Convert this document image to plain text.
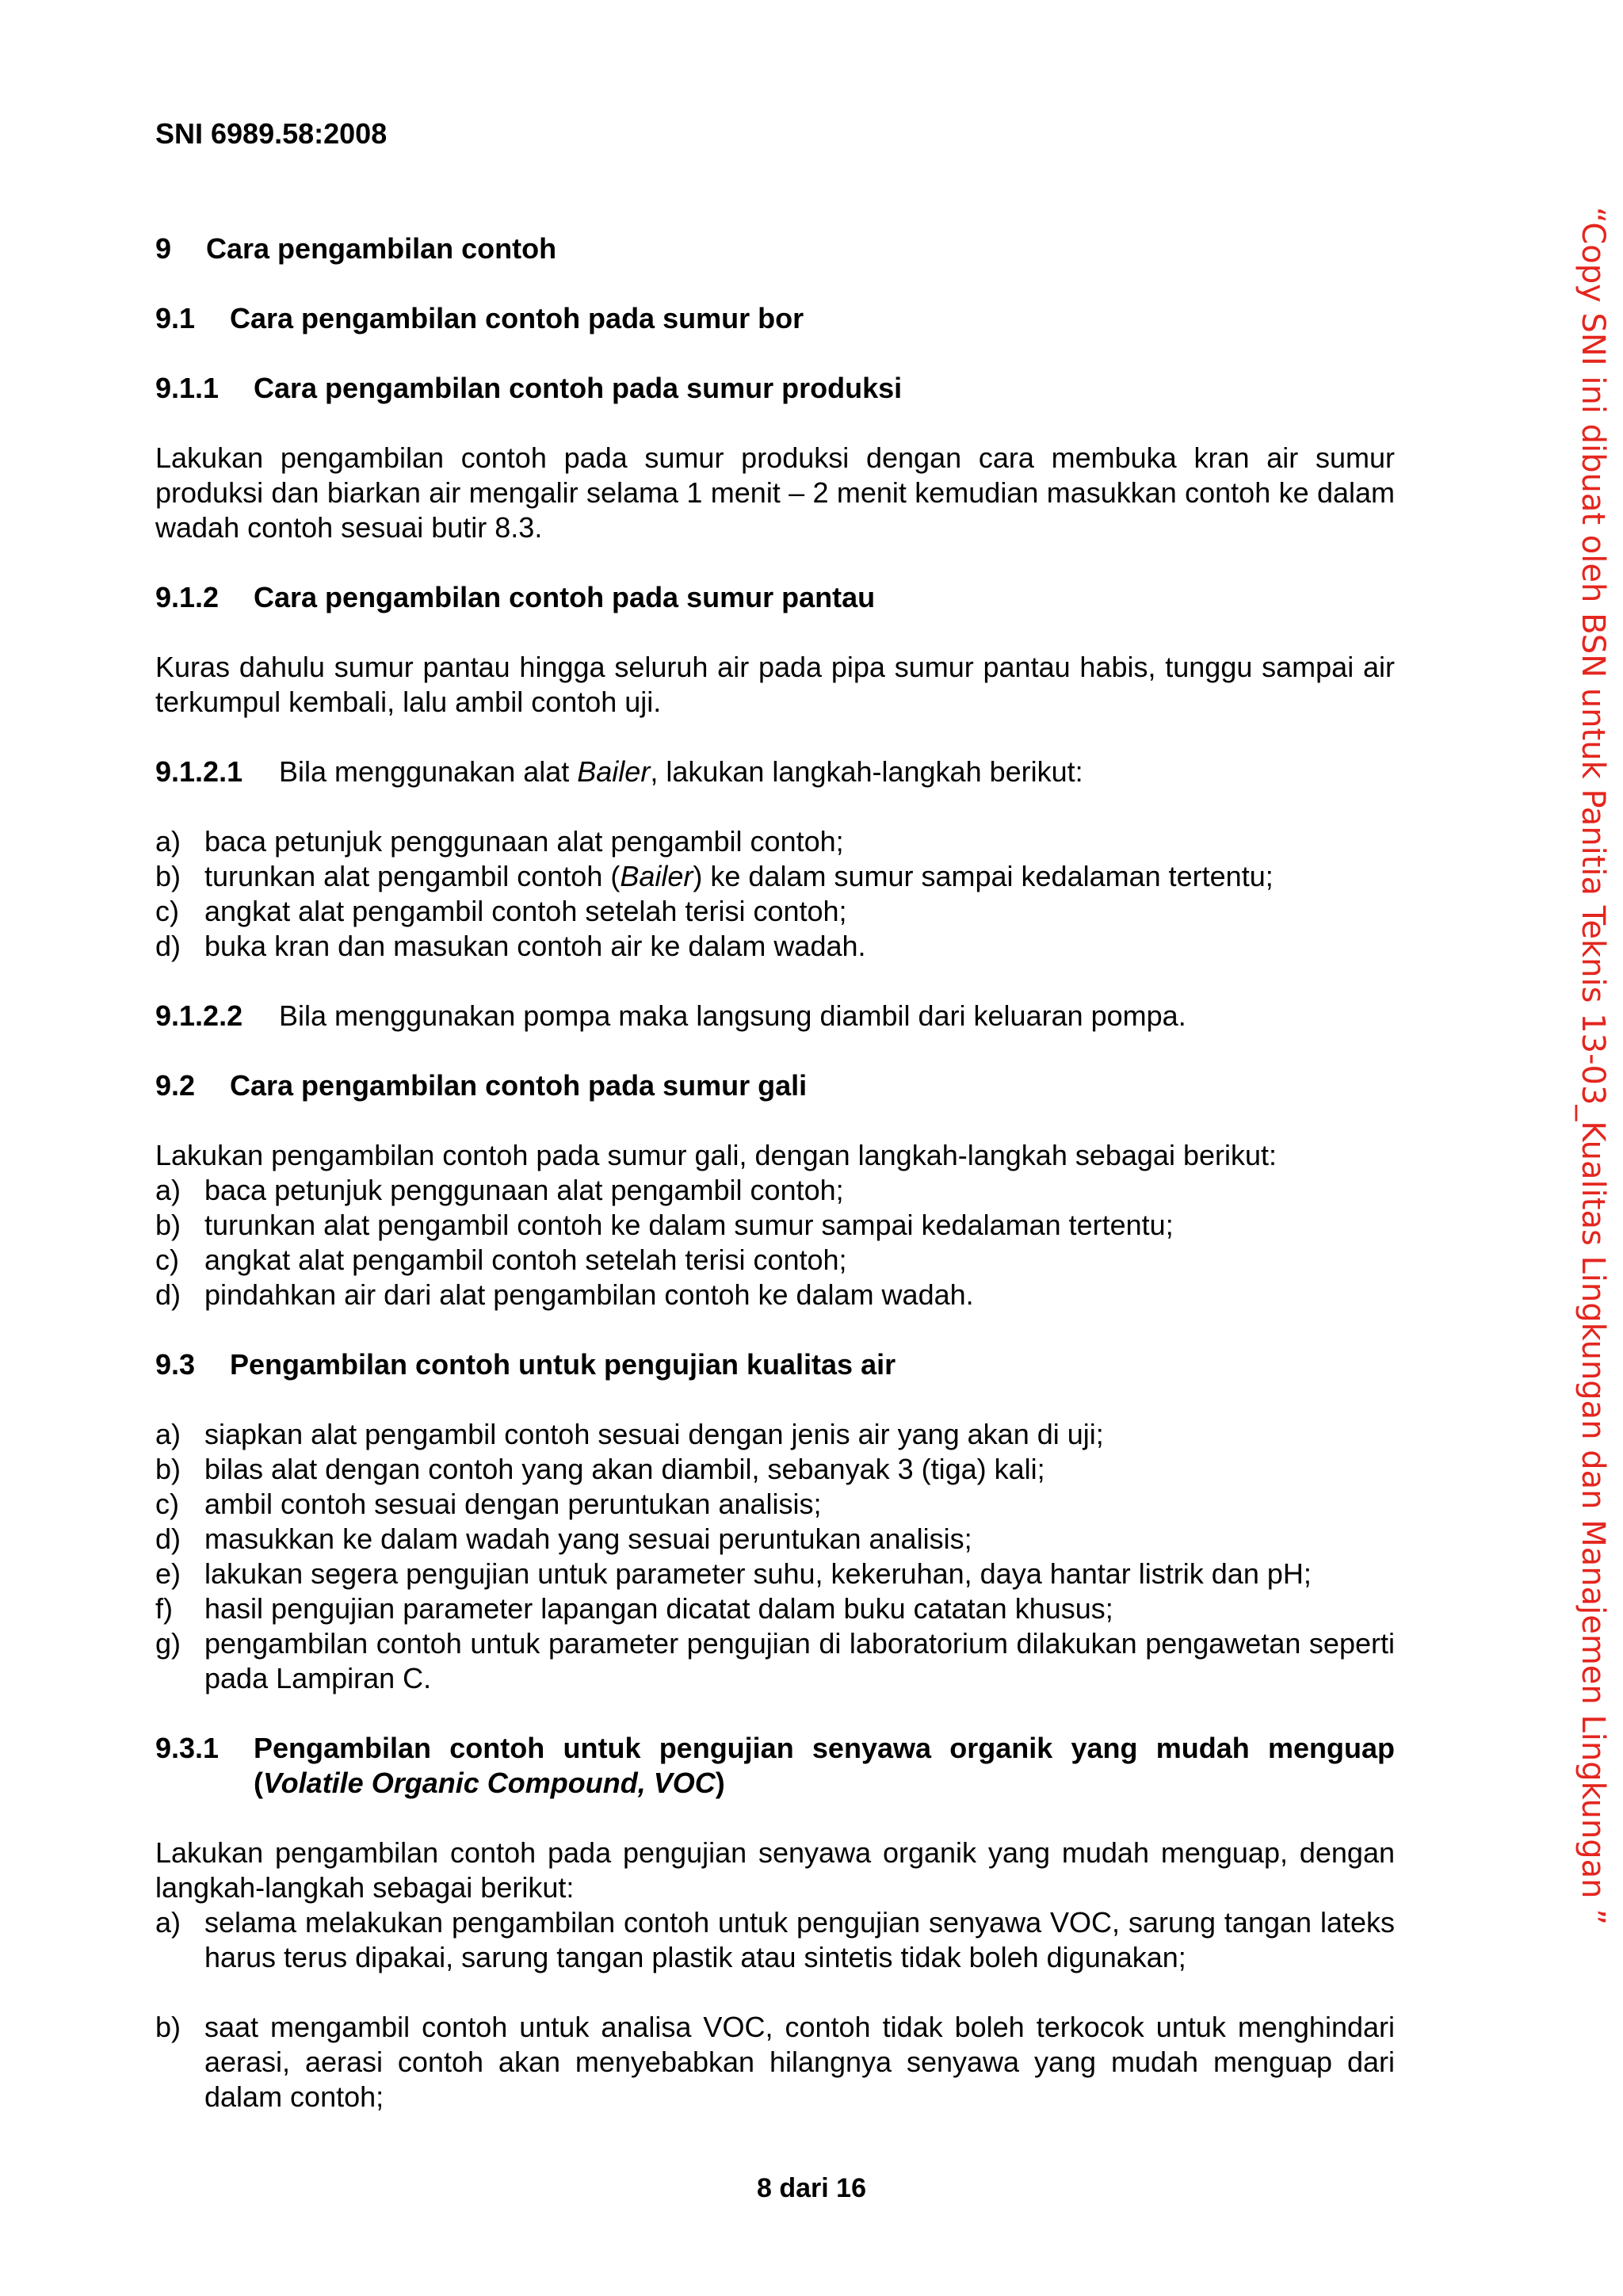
SNI 6989.58:2008
9 Cara pengambilan contoh
9.1 Cara pengambilan contoh pada sumur bor
9.1.1 Cara pengambilan contoh pada sumur produksi
Lakukan pengambilan contoh pada sumur produksi dengan cara membuka kran air sumur produksi dan biarkan air mengalir selama 1 menit – 2 menit kemudian masukkan contoh ke dalam wadah contoh sesuai butir 8.3.
9.1.2 Cara pengambilan contoh pada sumur pantau
Kuras dahulu sumur pantau hingga seluruh air pada pipa sumur pantau habis, tunggu sampai air terkumpul kembali, lalu ambil contoh uji.
9.1.2.1 Bila menggunakan alat Bailer, lakukan langkah-langkah berikut:
a) baca petunjuk penggunaan alat pengambil contoh;
b) turunkan alat pengambil contoh (Bailer) ke dalam sumur sampai kedalaman tertentu;
c) angkat alat pengambil contoh setelah terisi contoh;
d) buka kran dan masukan contoh air ke dalam wadah.
9.1.2.2 Bila menggunakan pompa maka langsung diambil dari keluaran pompa.
9.2 Cara pengambilan contoh pada sumur gali
Lakukan pengambilan contoh pada sumur gali, dengan langkah-langkah sebagai berikut:
a) baca petunjuk penggunaan alat pengambil contoh;
b) turunkan alat pengambil contoh ke dalam sumur sampai kedalaman tertentu;
c) angkat alat pengambil contoh setelah terisi contoh;
d) pindahkan air dari alat pengambilan contoh ke dalam wadah.
9.3 Pengambilan contoh untuk pengujian kualitas air
a) siapkan alat pengambil contoh sesuai dengan jenis air yang akan di uji;
b) bilas alat dengan contoh yang akan diambil, sebanyak 3 (tiga) kali;
c) ambil contoh sesuai dengan peruntukan analisis;
d) masukkan ke dalam wadah yang sesuai peruntukan analisis;
e) lakukan segera pengujian untuk parameter suhu, kekeruhan, daya hantar listrik dan pH;
f)	hasil pengujian parameter lapangan dicatat dalam buku catatan khusus;
g) pengambilan contoh untuk parameter pengujian di laboratorium dilakukan pengawetan seperti pada Lampiran C.
9.3.1	Pengambilan contoh untuk pengujian senyawa organik yang mudah menguap (Volatile Organic Compound, VOC)
Lakukan pengambilan contoh pada pengujian senyawa organik yang mudah menguap, dengan langkah-langkah sebagai berikut:
a) selama melakukan pengambilan contoh untuk pengujian senyawa VOC, sarung tangan lateks harus terus dipakai, sarung tangan plastik atau sintetis tidak boleh digunakan;
b) saat mengambil contoh untuk analisa VOC, contoh tidak boleh terkocok untuk menghindari aerasi, aerasi contoh akan menyebabkan hilangnya senyawa yang mudah menguap dari dalam contoh;
8 dari 16
“Copy SNI ini dibuat oleh BSN untuk Panitia Teknis 13-03_Kualitas Lingkungan dan Manajemen Lingkungan ”
